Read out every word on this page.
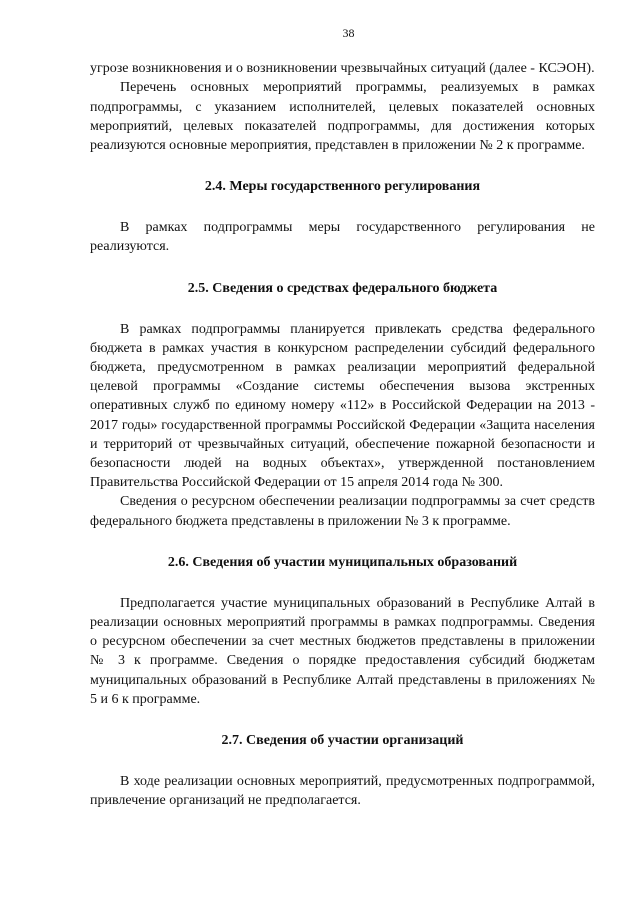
38

угрозе возникновения и о возникновении чрезвычайных ситуаций (далее - КСЭОН).

Перечень основных мероприятий программы, реализуемых в рамках подпрограммы, с указанием исполнителей, целевых показателей основных мероприятий, целевых показателей подпрограммы, для достижения которых реализуются основные мероприятия, представлен в приложении № 2 к программе.

2.4. Меры государственного регулирования

В рамках подпрограммы меры государственного регулирования не реализуются.

2.5. Сведения о средствах федерального бюджета

В рамках подпрограммы планируется привлекать средства федерального бюджета в рамках участия в конкурсном распределении субсидий федерального бюджета, предусмотренном в рамках реализации мероприятий федеральной целевой программы «Создание системы обеспечения вызова экстренных оперативных служб по единому номеру «112» в Российской Федерации на 2013 - 2017 годы» государственной программы Российской Федерации «Защита населения и территорий от чрезвычайных ситуаций, обеспечение пожарной безопасности и безопасности людей на водных объектах», утвержденной постановлением Правительства Российской Федерации от 15 апреля 2014 года № 300.

Сведения о ресурсном обеспечении реализации подпрограммы за счет средств федерального бюджета представлены в приложении № 3 к программе.

2.6. Сведения об участии муниципальных образований

Предполагается участие муниципальных образований в Республике Алтай в реализации основных мероприятий программы в рамках подпрограммы. Сведения о ресурсном обеспечении за счет местных бюджетов представлены в приложении № 3 к программе. Сведения о порядке предоставления субсидий бюджетам муниципальных образований в Республике Алтай представлены в приложениях № 5 и 6 к программе.

2.7. Сведения об участии организаций

В ходе реализации основных мероприятий, предусмотренных подпрограммой, привлечение организаций не предполагается.
